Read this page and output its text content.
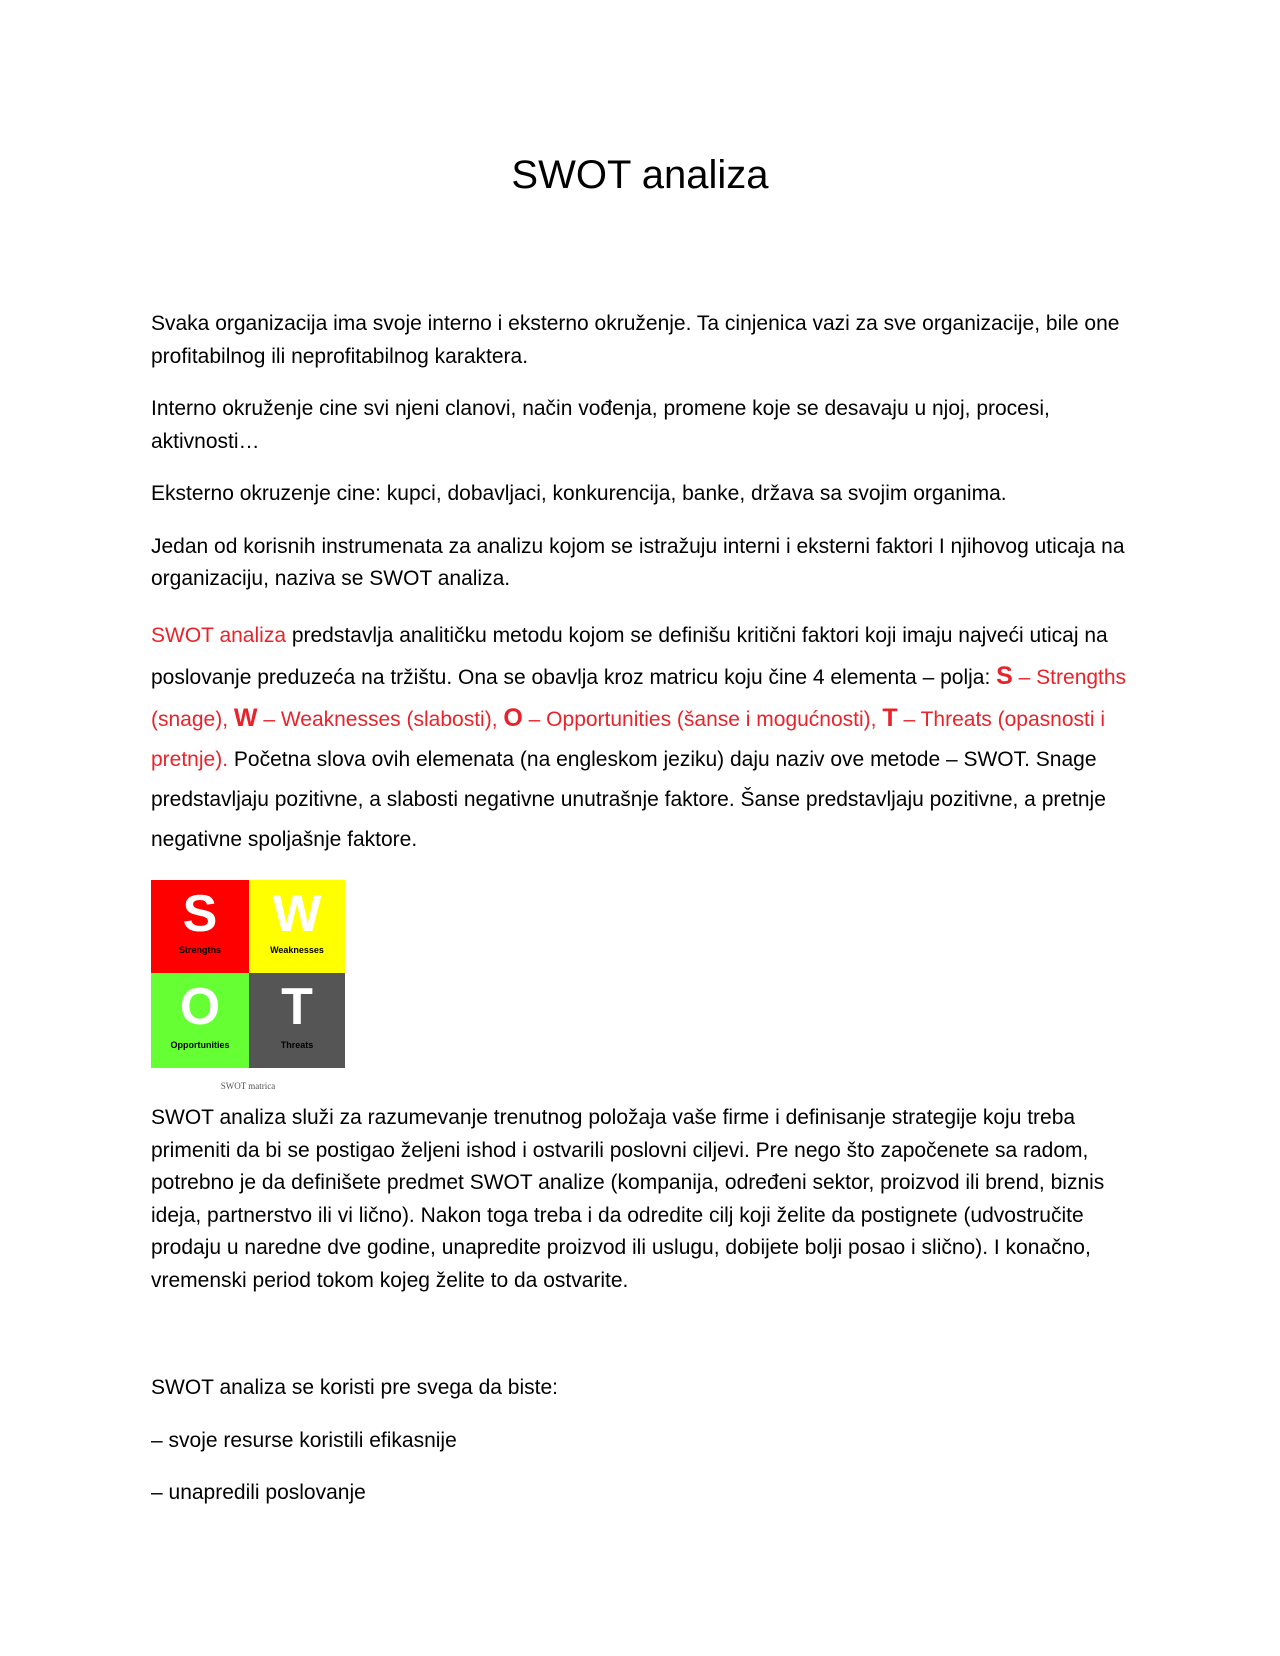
SWOT analiza

Svaka organizacija ima svoje interno i eksterno okruženje. Ta cinjenica vazi za sve organizacije, bile one profitabilnog ili neprofitabilnog karaktera.

Interno okruženje cine svi njeni clanovi, način vođenja, promene koje se desavaju u njoj, procesi, aktivnosti…

Eksterno okruzenje cine: kupci, dobavljaci, konkurencija, banke, država sa svojim organima.

Jedan od korisnih instrumenata za analizu kojom se istražuju interni i eksterni faktori I njihovog uticaja na organizaciju, naziva se SWOT analiza.

SWOT analiza predstavlja analitičku metodu kojom se definišu kritični faktori koji imaju najveći uticaj na poslovanje preduzeća na tržištu. Ona se obavlja kroz matricu koju čine 4 elementa – polja: S – Strengths (snage), W – Weaknesses (slabosti), O – Opportunities (šanse i mogućnosti), T – Threats (opasnosti i pretnje). Početna slova ovih elemenata (na engleskom jeziku) daju naziv ove metode – SWOT. Snage predstavljaju pozitivne, a slabosti negativne unutrašnje faktore. Šanse predstavljaju pozitivne, a pretnje negativne spoljašnje faktore.

S
Strengths
W
Weaknesses
O
Opportunities
T
Threats
SWOT matrica

SWOT analiza služi za razumevanje trenutnog položaja vaše firme i definisanje strategije koju treba primeniti da bi se postigao željeni ishod i ostvarili poslovni ciljevi. Pre nego što započenete sa radom, potrebno je da definišete predmet SWOT analize (kompanija, određeni sektor, proizvod ili brend, biznis ideja, partnerstvo ili vi lično). Nakon toga treba i da odredite cilj koji želite da postignete (udvostručite prodaju u naredne dve godine, unapredite proizvod ili uslugu, dobijete bolji posao i slično). I konačno, vremenski period tokom kojeg želite to da ostvarite.

SWOT analiza se koristi pre svega da biste:

– svoje resurse koristili efikasnije

– unapredili poslovanje
